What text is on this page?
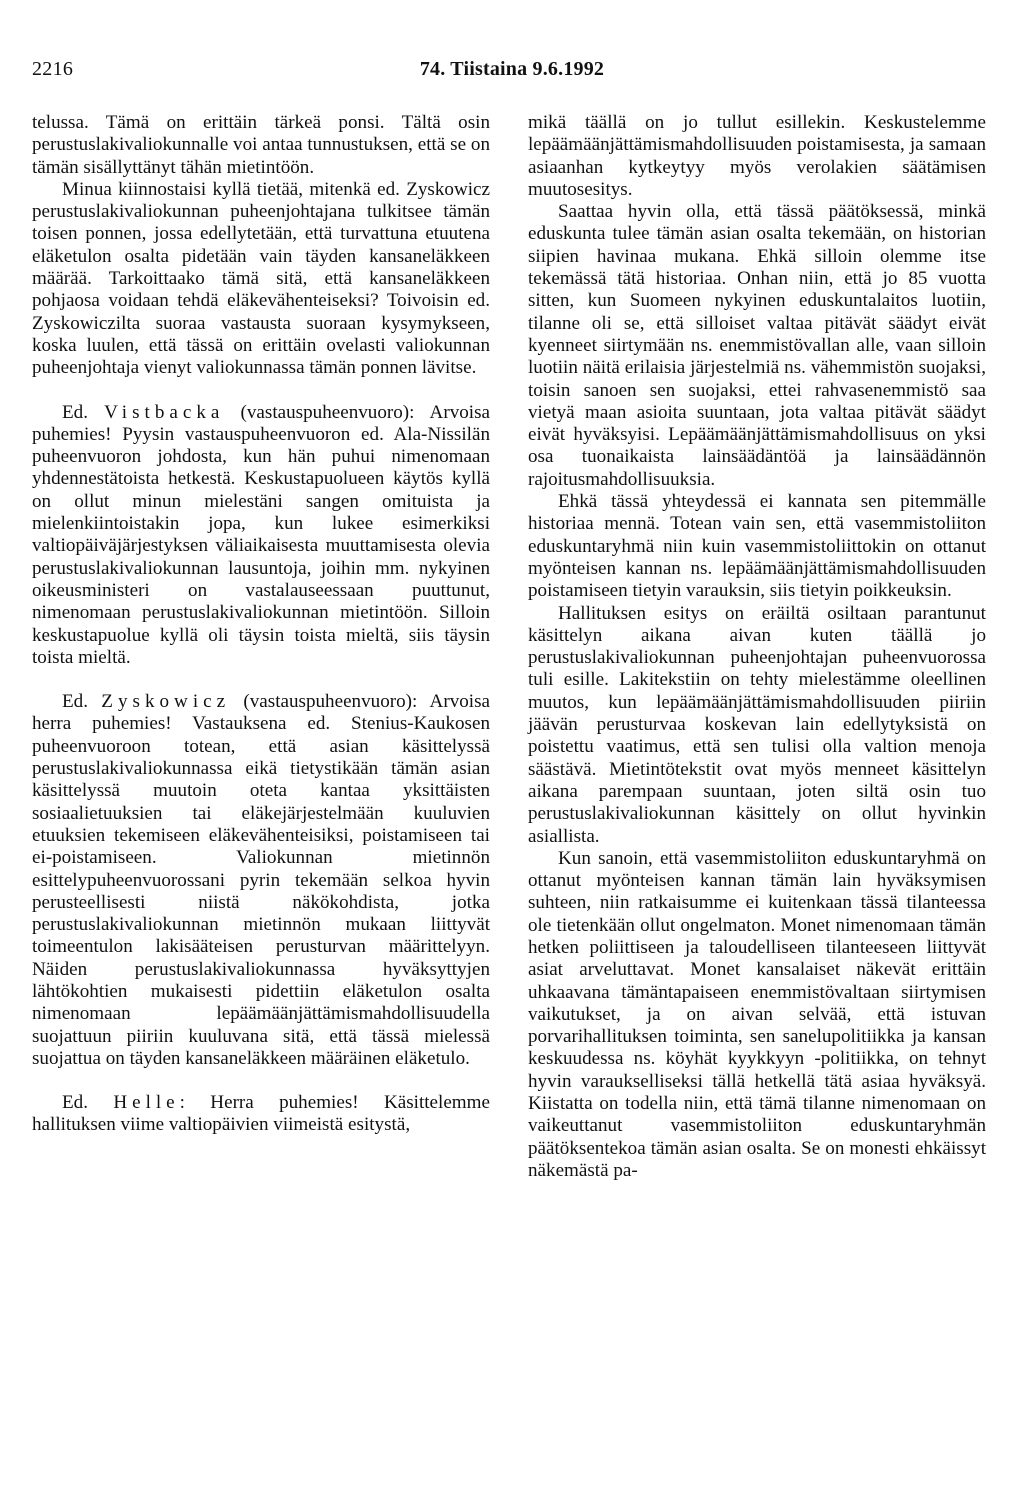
2216	74. Tiistaina 9.6.1992

telussa. Tämä on erittäin tärkeä ponsi. Tältä osin perustuslakivaliokunnalle voi antaa tunnustuksen, että se on tämän sisällyttänyt tähän mietintöön.

Minua kiinnostaisi kyllä tietää, mitenkä ed. Zyskowicz perustuslakivaliokunnan puheenjohtajana tulkitsee tämän toisen ponnen, jossa edellytetään, että turvattuna etuutena eläketulon osalta pidetään vain täyden kansaneläkkeen määrää. Tarkoittaako tämä sitä, että kansaneläkkeen pohjaosa voidaan tehdä eläkevähenteiseksi? Toivoisin ed. Zyskowiczilta suoraa vastausta suoraan kysymykseen, koska luulen, että tässä on erittäin ovelasti valiokunnan puheenjohtaja vienyt valiokunnassa tämän ponnen lävitse.

Ed. Vistbacka (vastauspuheenvuoro): Arvoisa puhemies! Pyysin vastauspuheenvuoron ed. Ala-Nissilän puheenvuoron johdosta, kun hän puhui nimenomaan yhdennestätoista hetkestä. Keskustapuolueen käytös kyllä on ollut minun mielestäni sangen omituista ja mielenkiintoistakin jopa, kun lukee esimerkiksi valtiopäiväjärjestyksen väliaikaisesta muuttamisesta olevia perustuslakivaliokunnan lausuntoja, joihin mm. nykyinen oikeusministeri on vastalauseessaan puuttunut, nimenomaan perustuslakivaliokunnan mietintöön. Silloin keskustapuolue kyllä oli täysin toista mieltä, siis täysin toista mieltä.

Ed. Zyskowicz (vastauspuheenvuoro): Arvoisa herra puhemies! Vastauksena ed. Stenius-Kaukosen puheenvuoroon totean, että asian käsittelyssä perustuslakivaliokunnassa eikä tietystikään tämän asian käsittelyssä muutoin oteta kantaa yksittäisten sosiaalietuuksien tai eläkejärjestelmään kuuluvien etuuksien tekemiseen eläkevähenteisiksi, poistamiseen tai ei-poistamiseen. Valiokunnan mietinnön esittelypuheenvuorossani pyrin tekemään selkoa hyvin perusteellisesti niistä näkökohdista, jotka perustuslakivaliokunnan mietinnön mukaan liittyvät toimeentulon lakisääteisen perusturvan määrittelyyn. Näiden perustuslakivaliokunnassa hyväksyttyjen lähtökohtien mukaisesti pidettiin eläketulon osalta nimenomaan lepäämäänjättämismahdollisuudella suojattuun piiriin kuuluvana sitä, että tässä mielessä suojattua on täyden kansaneläkkeen määräinen eläketulo.

Ed. Helle: Herra puhemies! Käsittelemme hallituksen viime valtiopäivien viimeistä esitystä,

mikä täällä on jo tullut esillekin. Keskustelemme lepäämäänjättämismahdollisuuden poistamisesta, ja samaan asiaanhan kytkeytyy myös verolakien säätämisen muutosesitys.

Saattaa hyvin olla, että tässä päätöksessä, minkä eduskunta tulee tämän asian osalta tekemään, on historian siipien havinaa mukana. Ehkä silloin olemme itse tekemässä tätä historiaa. Onhan niin, että jo 85 vuotta sitten, kun Suomeen nykyinen eduskuntalaitos luotiin, tilanne oli se, että silloiset valtaa pitävät säädyt eivät kyenneet siirtymään ns. enemmistövallan alle, vaan silloin luotiin näitä erilaisia järjestelmiä ns. vähemmistön suojaksi, toisin sanoen sen suojaksi, ettei rahvasenemmistö saa vietyä maan asioita suuntaan, jota valtaa pitävät säädyt eivät hyväksyisi. Lepäämäänjättämismahdollisuus on yksi osa tuonaikaista lainsäädäntöä ja lainsäädännön rajoitusmahdollisuuksia.

Ehkä tässä yhteydessä ei kannata sen pitemmälle historiaa mennä. Totean vain sen, että vasemmistoliiton eduskuntaryhmä niin kuin vasemmistoliittokin on ottanut myönteisen kannan ns. lepäämäänjättämismahdollisuuden poistamiseen tietyin varauksin, siis tietyin poikkeuksin.

Hallituksen esitys on eräiltä osiltaan parantunut käsittelyn aikana aivan kuten täällä jo perustuslakivaliokunnan puheenjohtajan puheenvuorossa tuli esille. Lakitekstiin on tehty mielestämme oleellinen muutos, kun lepäämäänjättämismahdollisuuden piiriin jäävän perusturvaa koskevan lain edellytyksistä on poistettu vaatimus, että sen tulisi olla valtion menoja säästävä. Mietintötekstit ovat myös menneet käsittelyn aikana parempaan suuntaan, joten siltä osin tuo perustuslakivaliokunnan käsittely on ollut hyvinkin asiallista.

Kun sanoin, että vasemmistoliiton eduskuntaryhmä on ottanut myönteisen kannan tämän lain hyväksymisen suhteen, niin ratkaisumme ei kuitenkaan tässä tilanteessa ole tietenkään ollut ongelmaton. Monet nimenomaan tämän hetken poliittiseen ja taloudelliseen tilanteeseen liittyvät asiat arveluttavat. Monet kansalaiset näkevät erittäin uhkaavana tämäntapaiseen enemmistövaltaan siirtymisen vaikutukset, ja on aivan selvää, että istuvan porvarihallituksen toiminta, sen sanelupolitiikka ja kansan keskuudessa ns. köyhät kyykkyyn -politiikka, on tehnyt hyvin varaukselliseksi tällä hetkellä tätä asiaa hyväksyä. Kiistatta on todella niin, että tämä tilanne nimenomaan on vaikeuttanut vasemmistoliiton eduskuntaryhmän päätöksentekoa tämän asian osalta. Se on monesti ehkäissyt näkemästä pa-
